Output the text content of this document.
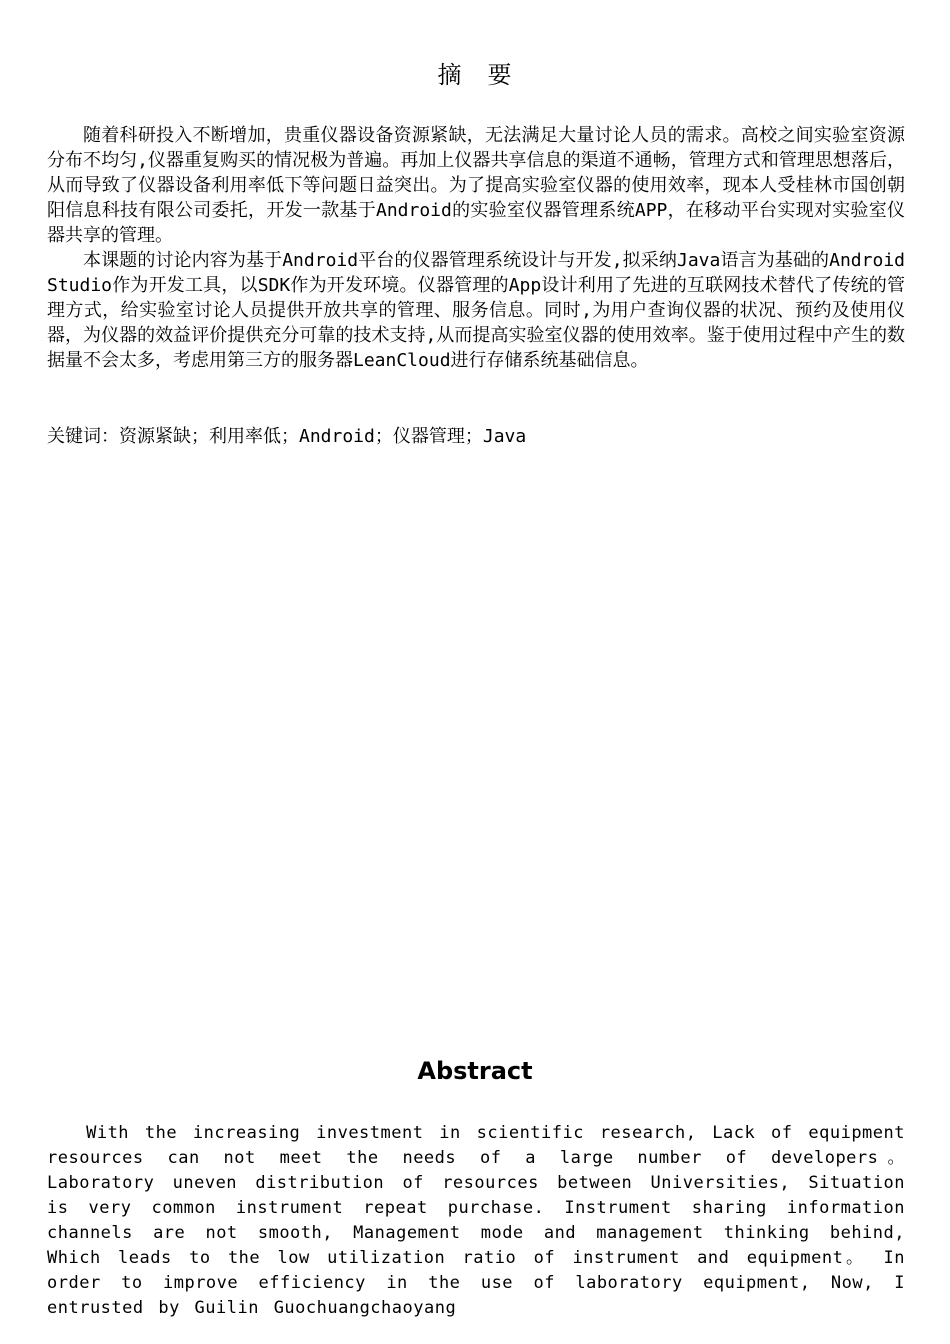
摘　要

随着科研投入不断增加，贵重仪器设备资源紧缺，无法满足大量讨论人员的需求。高校之间实验室资源分布不均匀,仪器重复购买的情况极为普遍。再加上仪器共享信息的渠道不通畅，管理方式和管理思想落后，从而导致了仪器设备利用率低下等问题日益突出。为了提高实验室仪器的使用效率，现本人受桂林市国创朝阳信息科技有限公司委托，开发一款基于Android的实验室仪器管理系统APP，在移动平台实现对实验室仪器共享的管理。

本课题的讨论内容为基于Android平台的仪器管理系统设计与开发,拟采纳Java语言为基础的Android Studio作为开发工具，以SDK作为开发环境。仪器管理的App设计利用了先进的互联网技术替代了传统的管理方式，给实验室讨论人员提供开放共享的管理、服务信息。同时,为用户查询仪器的状况、预约及使用仪器，为仪器的效益评价提供充分可靠的技术支持,从而提高实验室仪器的使用效率。鉴于使用过程中产生的数据量不会太多，考虑用第三方的服务器LeanCloud进行存储系统基础信息。

关键词：资源紧缺；利用率低；Android；仪器管理；Java
Abstract

With the increasing investment in scientific research, Lack of equipment resources can not meet the needs of a large number of developers。 Laboratory uneven distribution of resources between Universities, Situation is very common instrument repeat purchase. Instrument sharing information channels are not smooth, Management mode and management thinking behind, Which leads to the low utilization ratio of instrument and equipment。 In order to improve efficiency in the use of laboratory equipment, Now, I entrusted by Guilin Guochuangchaoyang
